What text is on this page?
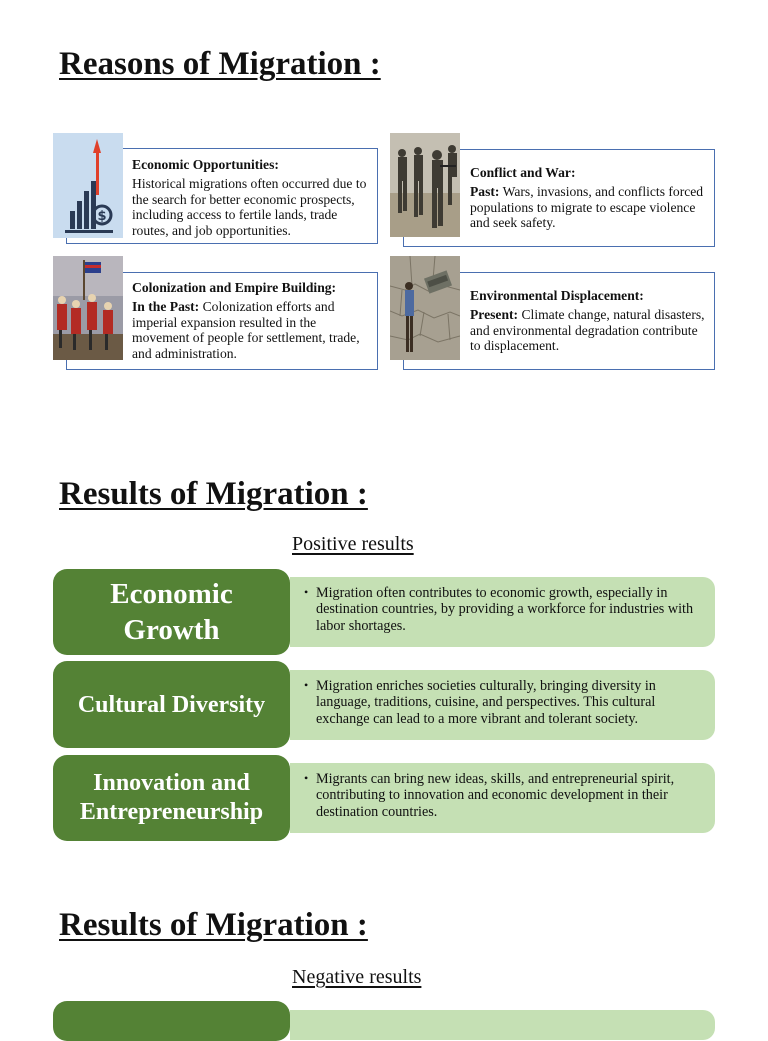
Reasons of Migration :
$
Economic Opportunities:
Historical migrations often occurred due to the search for better economic prospects, including access to fertile lands, trade routes, and job opportunities.
Conflict and War:
Past: Wars, invasions, and conflicts forced populations to migrate to escape violence and seek safety.
Colonization and Empire Building:
In the Past: Colonization efforts and imperial expansion resulted in the movement of people for settlement, trade, and administration.
Environmental Displacement:
Present: Climate change, natural disasters, and environmental degradation contribute to displacement.
Results of Migration :
Positive results
Economic Growth
• Migration often contributes to economic growth, especially in destination countries, by providing a workforce for industries with labor shortages.
Cultural Diversity
• Migration enriches societies culturally, bringing diversity in language, traditions, cuisine, and perspectives. This cultural exchange can lead to a more vibrant and tolerant society.
Innovation and Entrepreneurship
• Migrants can bring new ideas, skills, and entrepreneurial spirit, contributing to innovation and economic development in their destination countries.
Results of Migration :
Negative results
